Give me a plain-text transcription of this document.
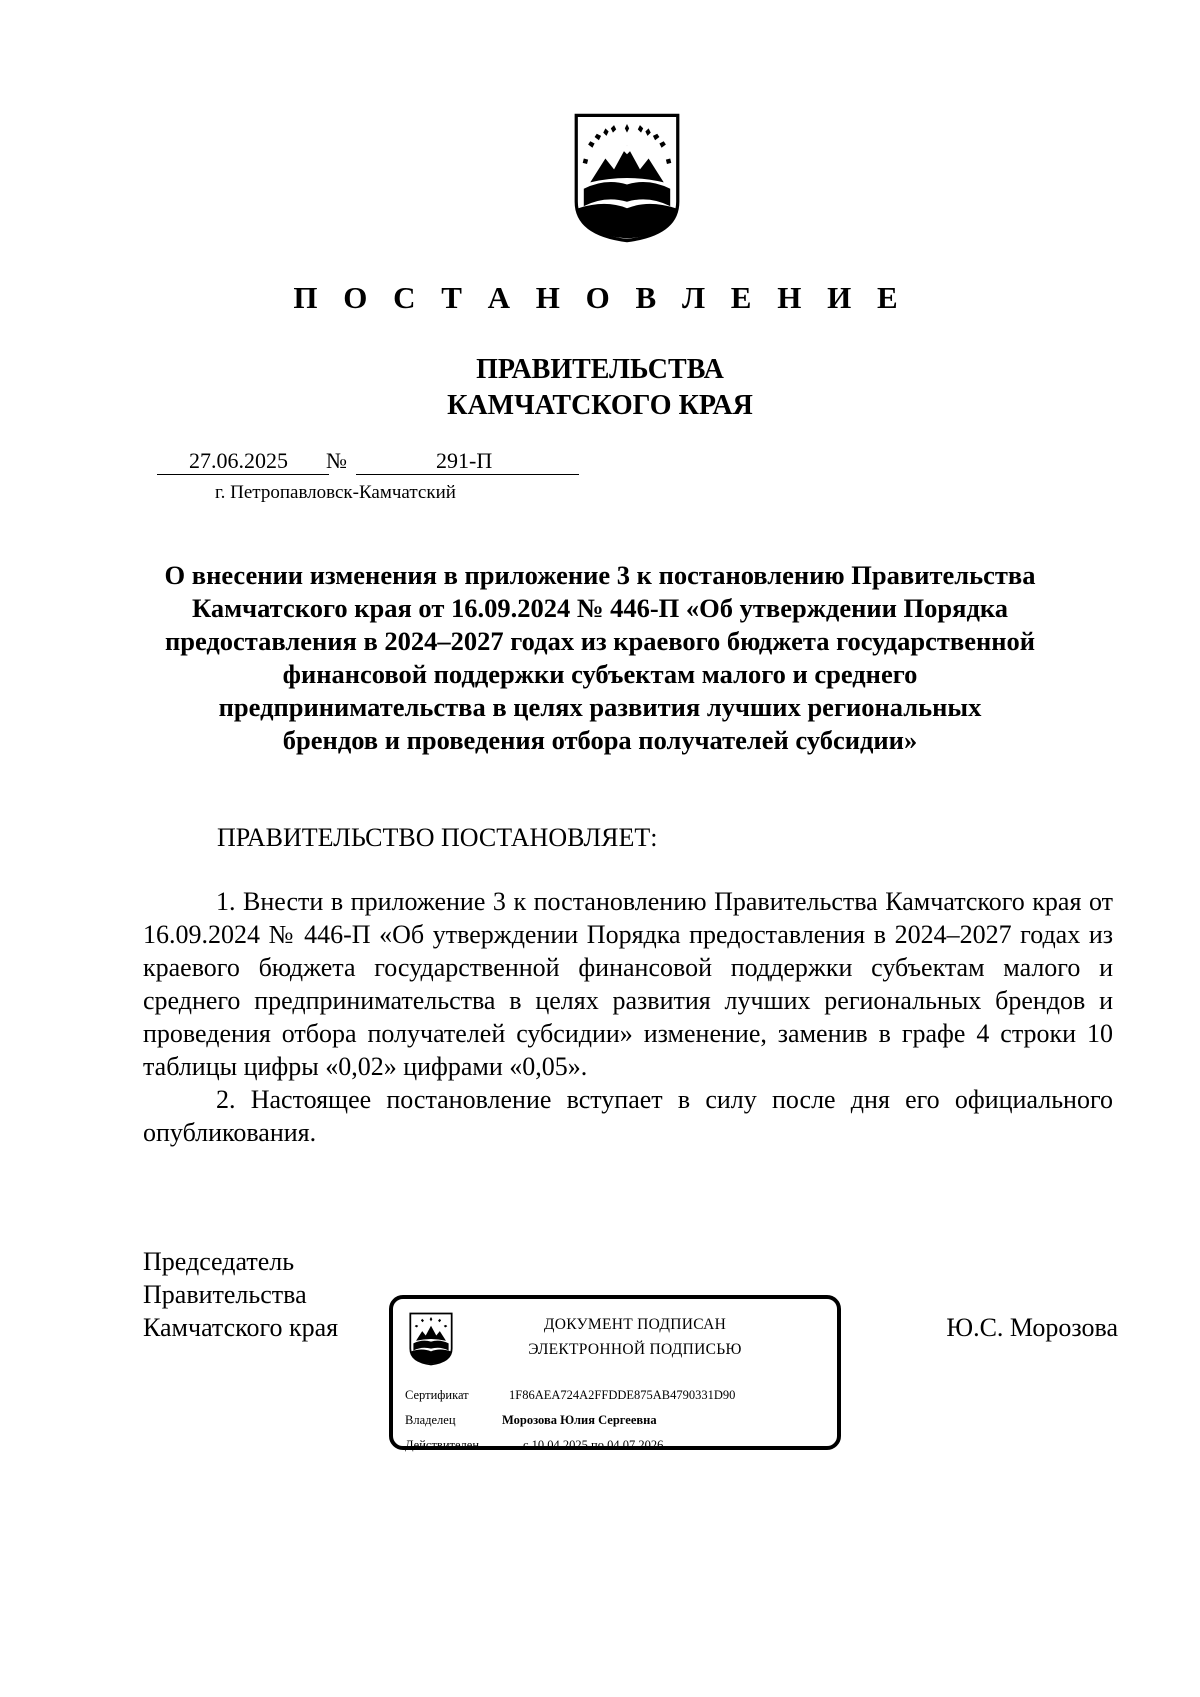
П О С Т А Н О В Л Е Н И Е
ПРАВИТЕЛЬСТВА
КАМЧАТСКОГО КРАЯ
27.06.2025 №	291-П
г. Петропавловск-Камчатский
О внесении изменения в приложение 3 к постановлению Правительства
Камчатского края от 16.09.2024 № 446-П «Об утверждении Порядка
предоставления в 2024–2027 годах из краевого бюджета государственной
финансовой поддержки субъектам малого и среднего
предпринимательства в целях развития лучших региональных
брендов и проведения отбора получателей субсидии»
ПРАВИТЕЛЬСТВО ПОСТАНОВЛЯЕТ:

1. Внести в приложение 3 к постановлению Правительства Камчатского края от 16.09.2024 № 446-П «Об утверждении Порядка предоставления в 2024–2027 годах из краевого бюджета государственной финансовой поддержки субъектам малого и среднего предпринимательства в целях развития лучших региональных брендов и проведения отбора получателей субсидии» изменение, заменив в графе 4 строки 10 таблицы цифры «0,02» цифрами «0,05».

2. Настоящее постановление вступает в силу после дня его официального опубликования.

Председатель
Правительства
Камчатского края	ДОКУМЕНТ ПОДПИСАН
ЭЛЕКТРОННОЙ ПОДПИСЬЮ
Сертификат	1F86AEA724A2FFDDE875AB4790331D90
Владелец	Морозова Юлия Сергеевна
Действителен	с 10.04.2025 по 04.07.2026
Ю.С. Морозова
